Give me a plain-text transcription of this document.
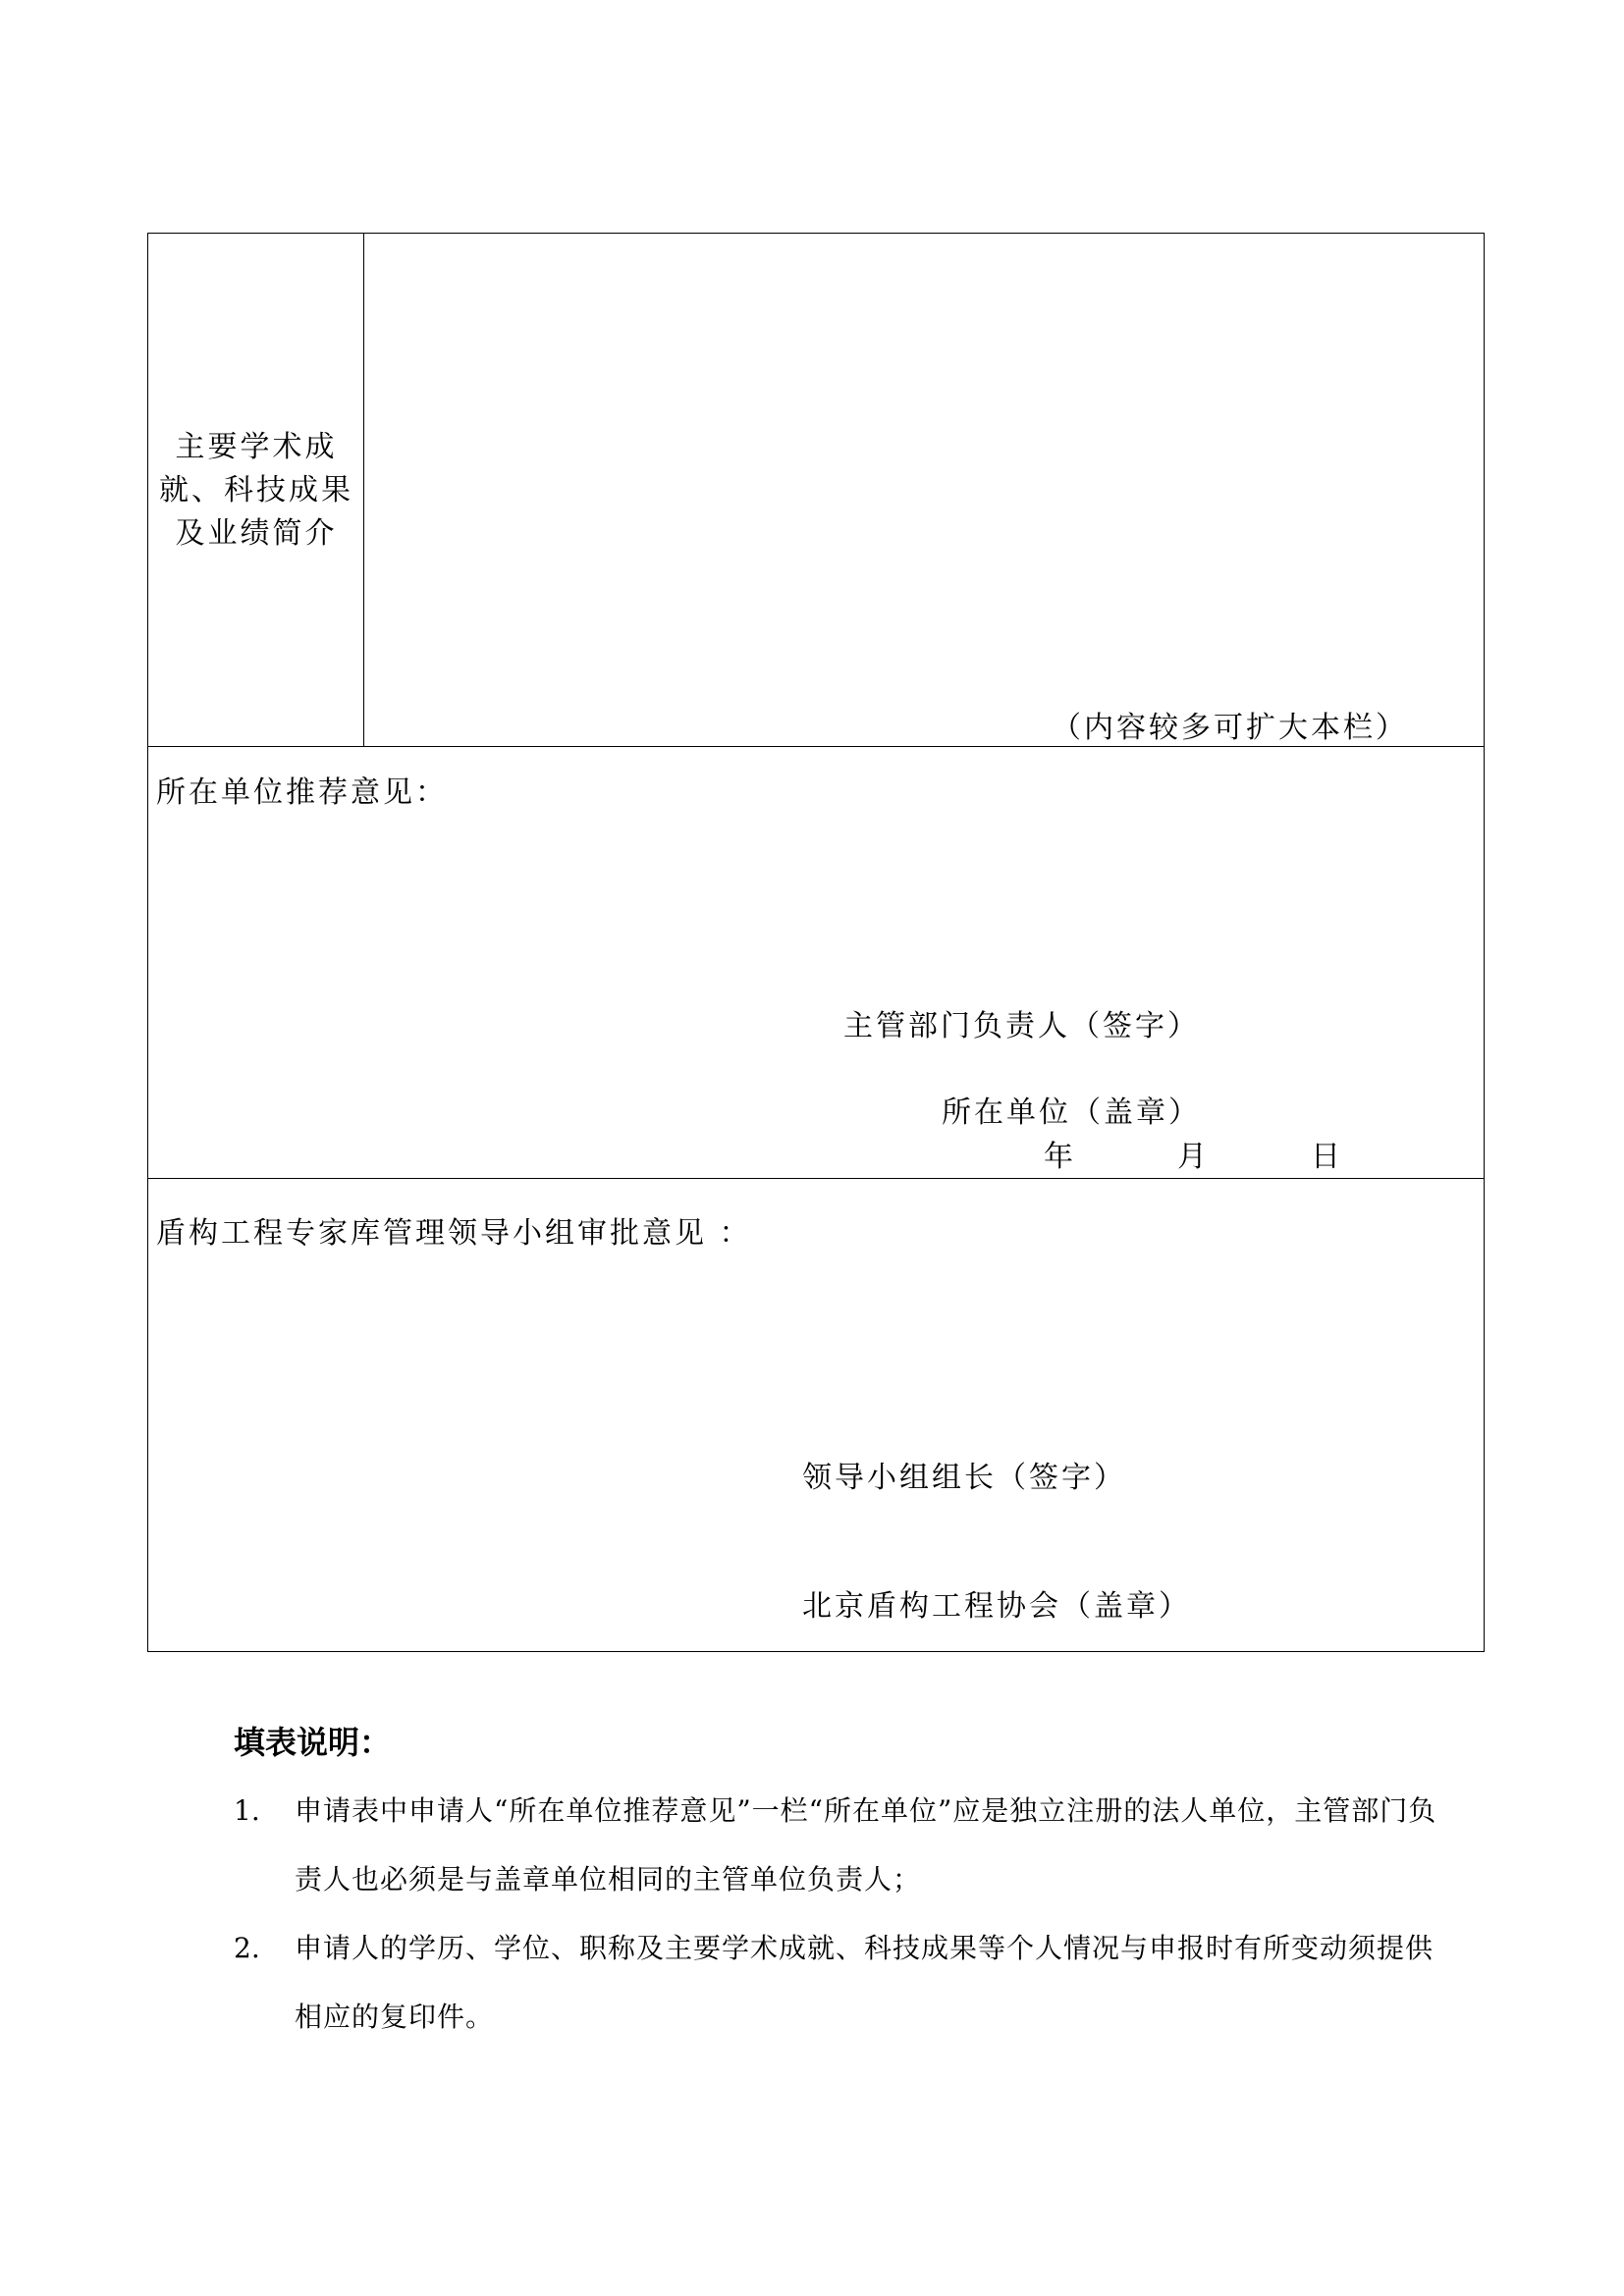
主要学术成
就、科技成果
及业绩简介
（内容较多可扩大本栏）
所在单位推荐意见：
主管部门负责人（签字）
所在单位（盖章）
年	月	日
盾构工程专家库管理领导小组审批意见 ：
领导小组组长（签字）
北京盾构工程协会（盖章）
填表说明：
1. 申请表中申请人“所在单位推荐意见”一栏“所在单位”应是独立注册的法人单位，主管部门负责人也必须是与盖章单位相同的主管单位负责人；
2. 申请人的学历、学位、职称及主要学术成就、科技成果等个人情况与申报时有所变动须提供相应的复印件。
